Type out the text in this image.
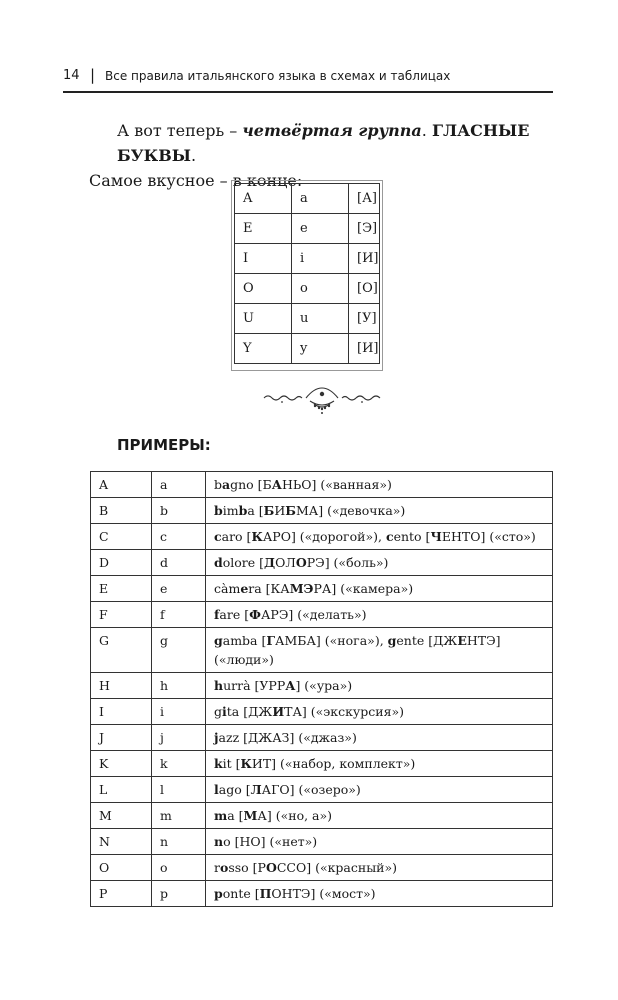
14 | Все правила итальянского языка в схемах и таблицах
А вот теперь – четвёртая группа. ГЛАСНЫЕ БУКВЫ.
Самое вкусное – в конце:
A	a	[А]
E	e	[Э]
I	i	[И]
O	o	[О]
U	u	[У]
Y	y	[И]
ПРИМЕРЫ:
A	a	bagno [БАНЬО] («ванная»)
B	b	bimba [БИБМА] («девочка»)
C	c	caro [КАРО] («дорогой»), cento [ЧЕНТО] («сто»)
D	d	dolore [ДОЛОРЭ] («боль»)
E	e	càmera [КАМЭРА] («камера»)
F	f	fare [ФАРЭ] («делать»)
G	g	gamba [ГАМБА] («нога»), gente [ДЖЕНТЭ] («люди»)
H	h	hurrà [УРРА] («ура»)
I	i	gita [ДЖИТА] («экскурсия»)
J	j	jazz [ДЖАЗ] («джаз»)
K	k	kit [КИТ] («набор, комплект»)
L	l	lago [ЛАГО] («озеро»)
M	m	ma [МА] («но, а»)
N	n	no [НО] («нет»)
O	o	rosso [РОССО] («красный»)
P	p	ponte [ПОНТЭ] («мост»)
